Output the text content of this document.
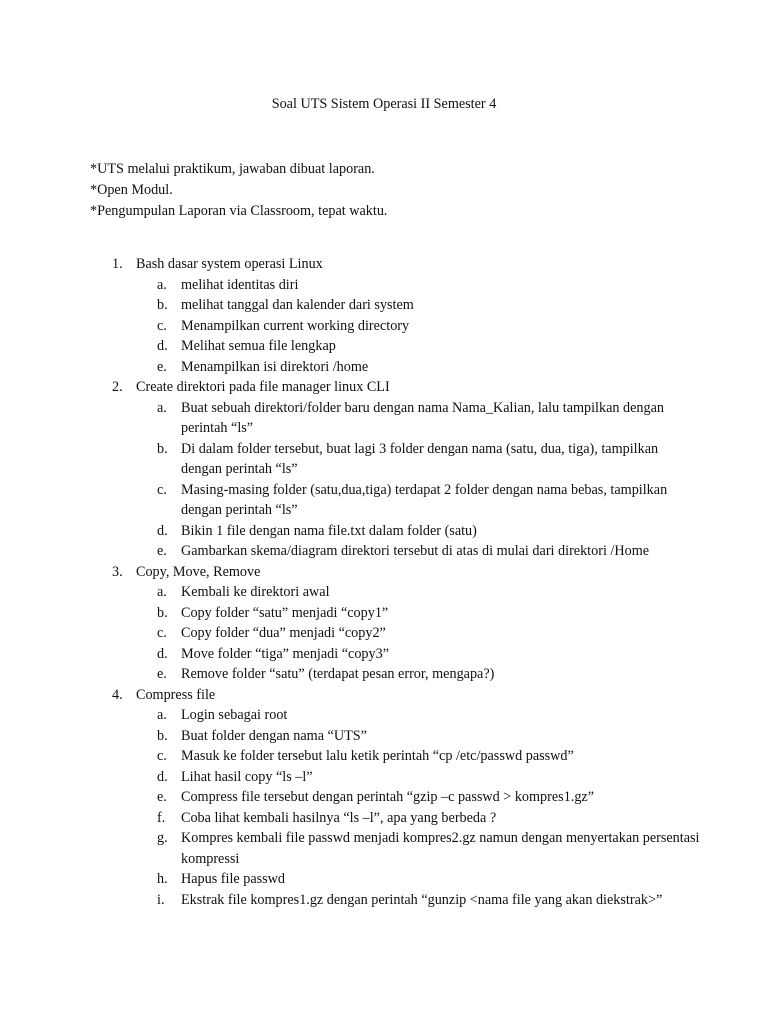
Soal UTS Sistem Operasi II Semester 4
*UTS melalui praktikum, jawaban dibuat laporan.
*Open Modul.
*Pengumpulan Laporan via Classroom, tepat waktu.
1. Bash dasar system operasi Linux
a. melihat identitas diri
b. melihat tanggal dan kalender dari system
c. Menampilkan current working directory
d. Melihat semua file lengkap
e. Menampilkan isi direktori /home
2. Create direktori pada file manager linux CLI
a. Buat sebuah direktori/folder baru dengan nama Nama_Kalian, lalu tampilkan dengan perintah “ls”
b. Di dalam folder tersebut, buat lagi 3 folder dengan nama (satu, dua, tiga), tampilkan dengan perintah “ls”
c. Masing-masing folder (satu,dua,tiga) terdapat 2 folder dengan nama bebas, tampilkan dengan perintah “ls”
d. Bikin 1 file dengan nama file.txt dalam folder (satu)
e. Gambarkan skema/diagram direktori tersebut di atas di mulai dari direktori /Home
3. Copy, Move, Remove
a. Kembali ke direktori awal
b. Copy folder “satu” menjadi “copy1”
c. Copy folder “dua” menjadi “copy2”
d. Move folder “tiga” menjadi “copy3”
e. Remove folder “satu” (terdapat pesan error, mengapa?)
4. Compress file
a. Login sebagai root
b. Buat folder dengan nama “UTS”
c. Masuk ke folder tersebut lalu ketik perintah “cp /etc/passwd passwd”
d. Lihat hasil copy “ls –l”
e. Compress file tersebut dengan perintah “gzip –c passwd > kompres1.gz”
f.	Coba lihat kembali hasilnya “ls –l”, apa yang berbeda ?
g. Kompres kembali file passwd menjadi kompres2.gz namun dengan menyertakan persentasi kompressi
h. Hapus file passwd
i.	Ekstrak file kompres1.gz dengan perintah “gunzip <nama file yang akan diekstrak>”
